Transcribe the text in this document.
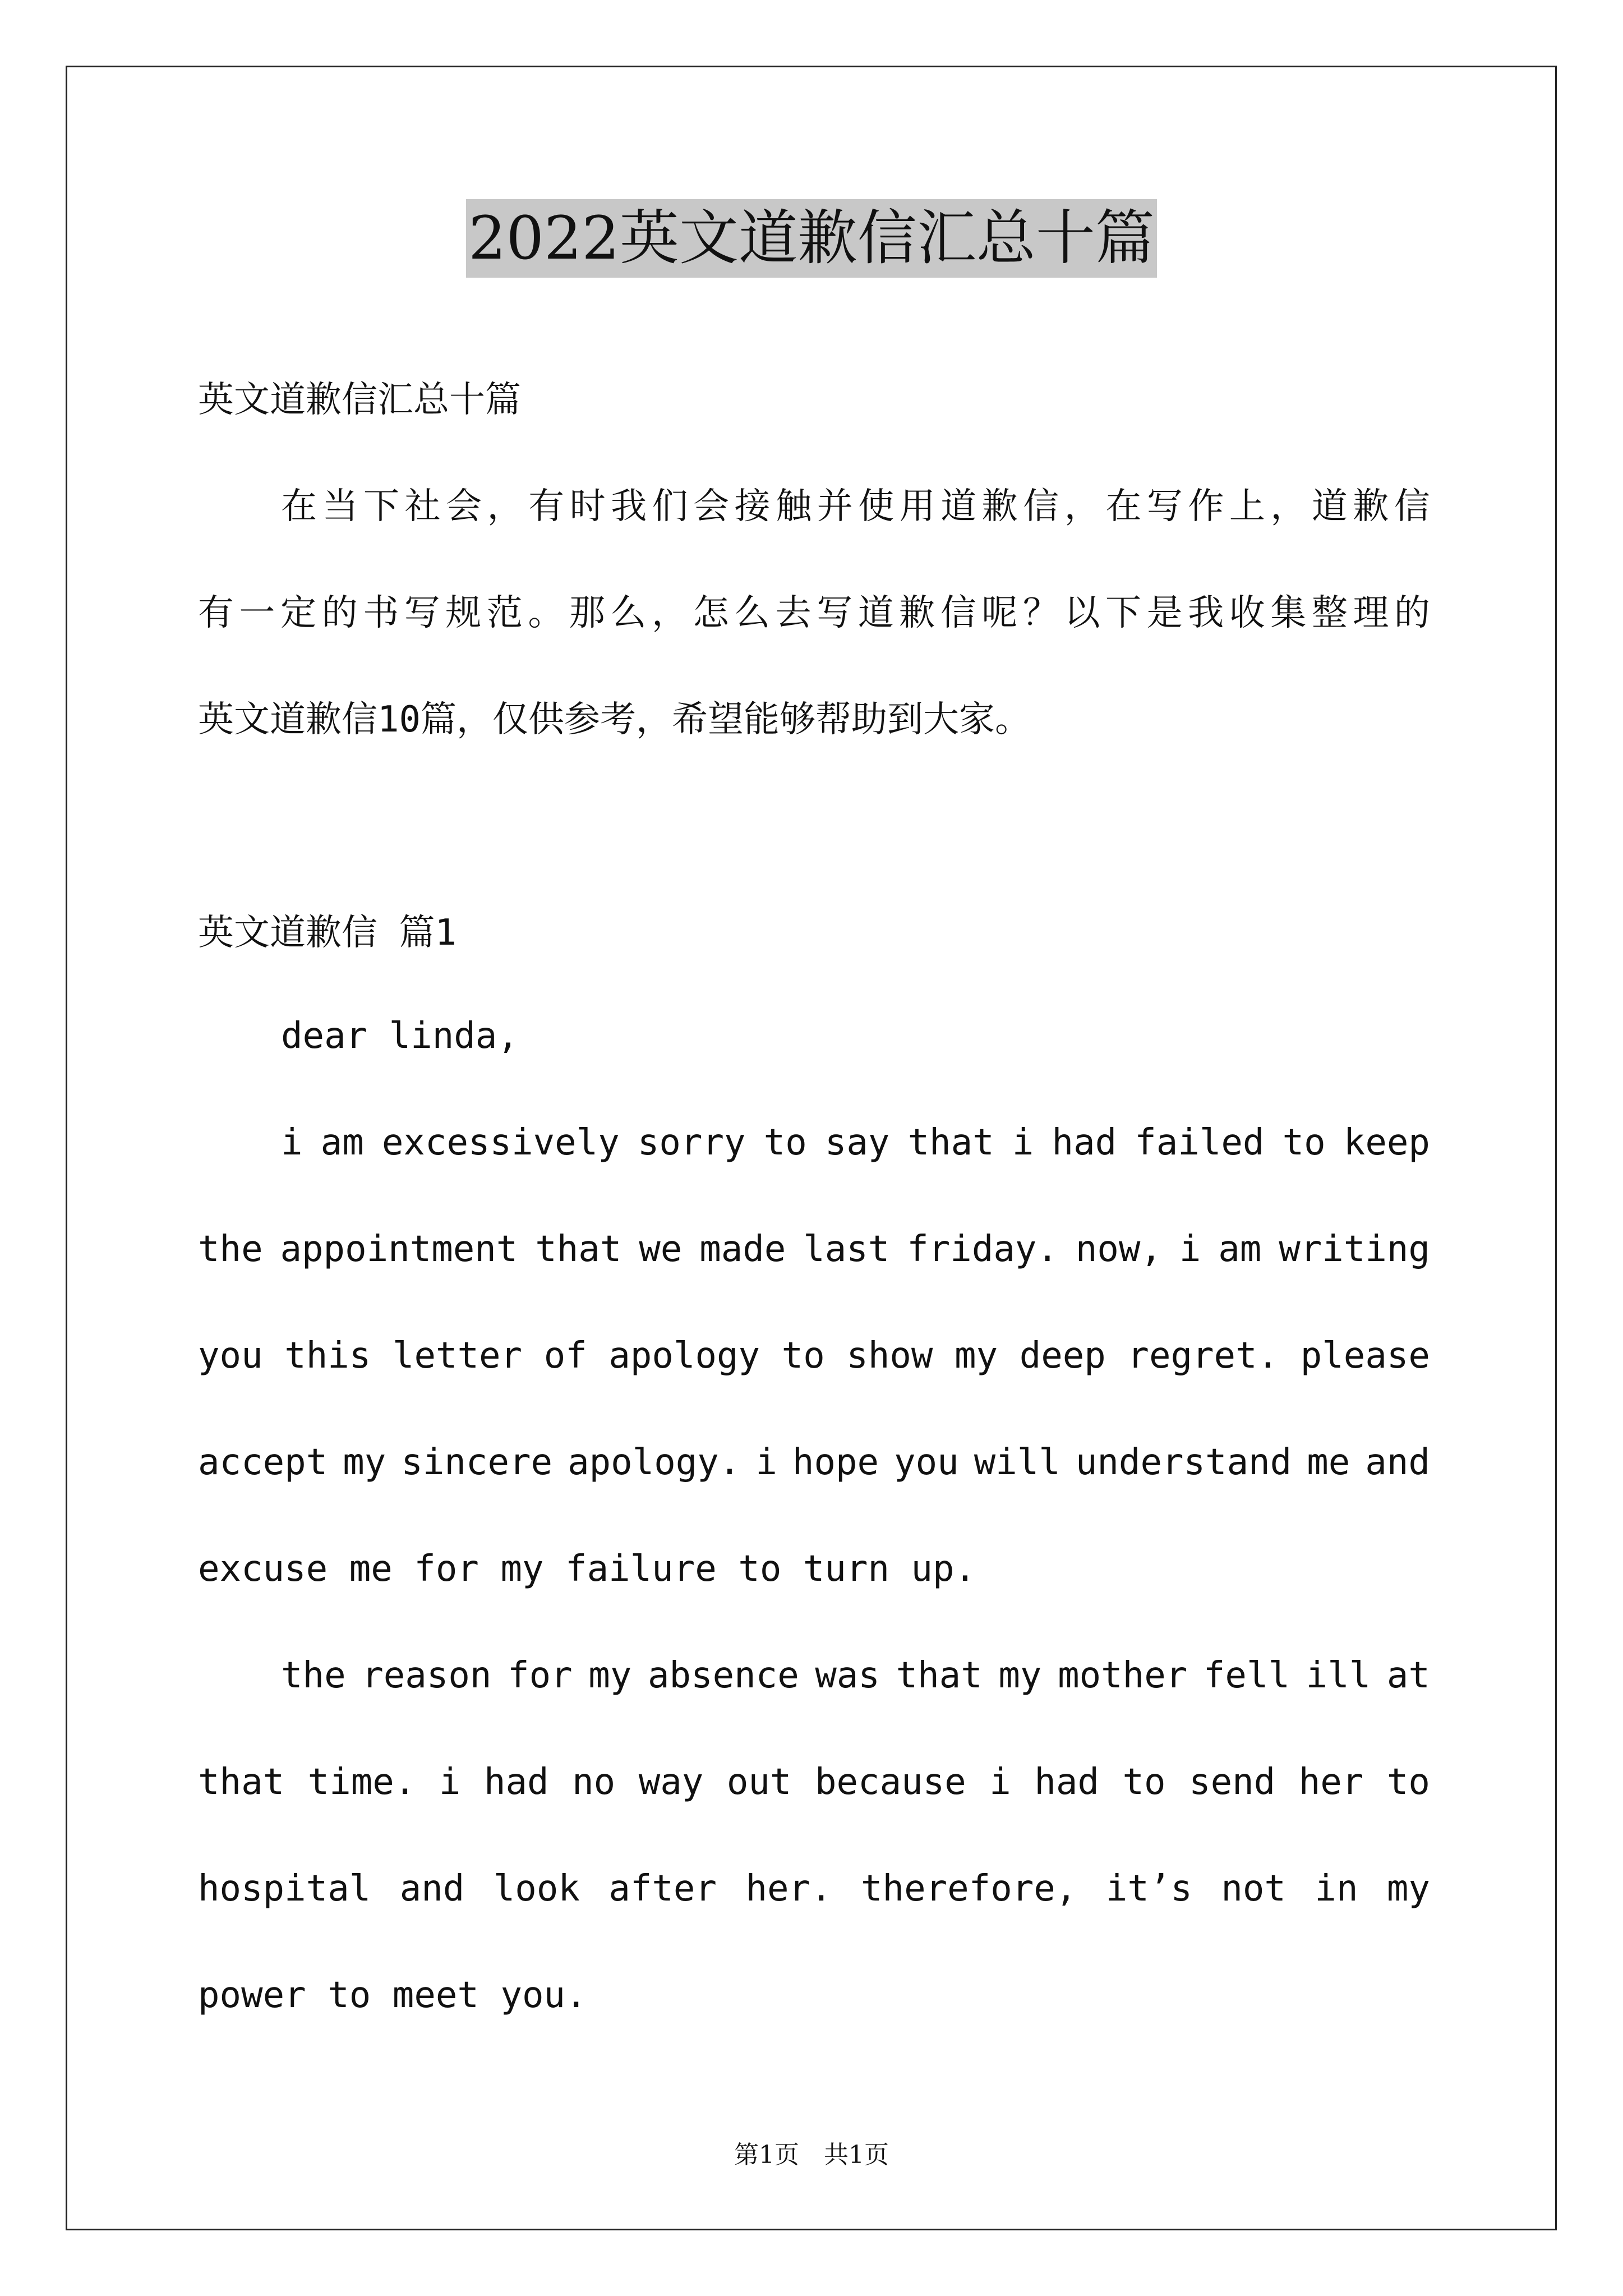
2022英文道歉信汇总十篇
英文道歉信汇总十篇
在 当 下 社 会 ， 有 时 我 们 会 接 触 并 使 用 道 歉 信 ， 在 写 作 上 ， 道 歉 信
有 一 定 的 书 写 规 范 。 那 么 ， 怎 么 去 写 道 歉 信 呢 ？ 以 下 是 我 收 集 整 理 的
英文道歉信10篇，仅供参考，希望能够帮助到大家。
英文道歉信 篇1
dear linda,
i am excessively sorry to say that i had failed to keep
the appointment that we made last friday. now, i am writing
you this letter of apology to show my deep regret. please
accept my sincere apology. i hope you will understand me and
excuse me for my failure to turn up.
the reason for my absence was that my mother fell ill at
that time. i had no way out because i had to send her to
hospital and look after her. therefore, it’s not in my
power to meet you.
第1页　共1页
